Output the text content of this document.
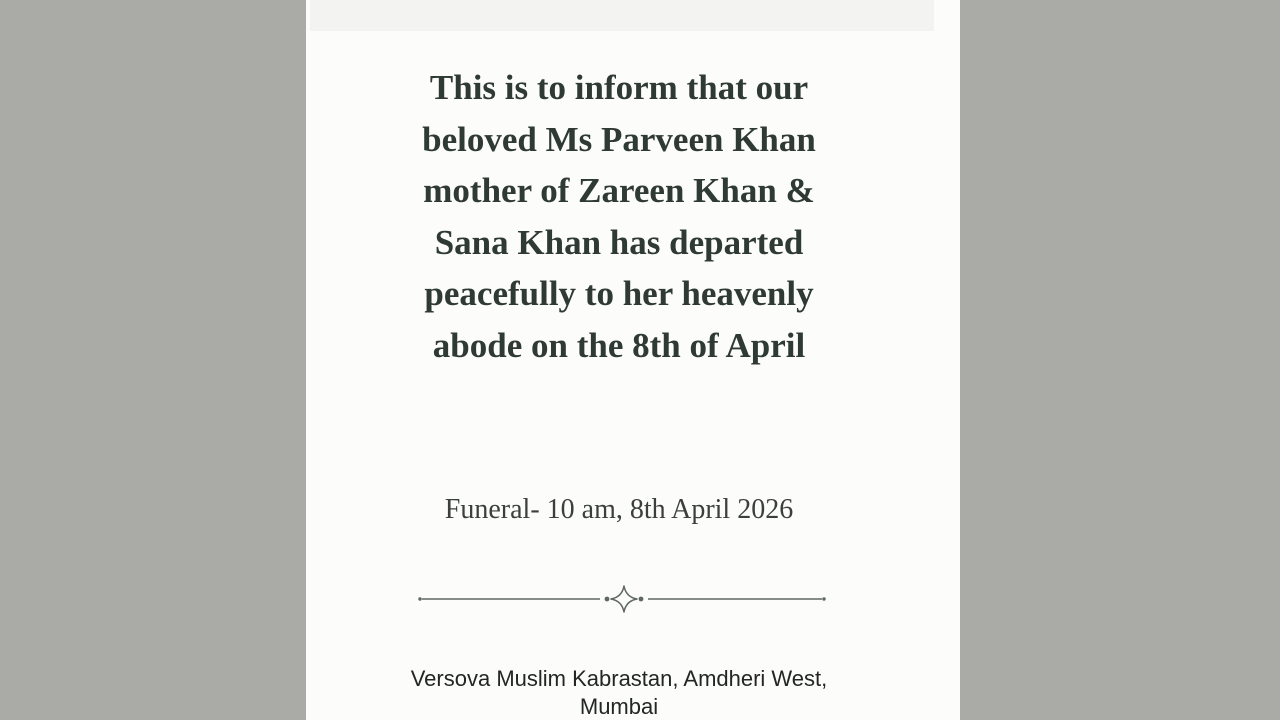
This is to inform that our
beloved Ms Parveen Khan
mother of Zareen Khan &
Sana Khan has departed
peacefully to her heavenly
abode on the 8th of April
Funeral- 10 am, 8th April 2026
Versova Muslim Kabrastan, Amdheri West,
Mumbai
